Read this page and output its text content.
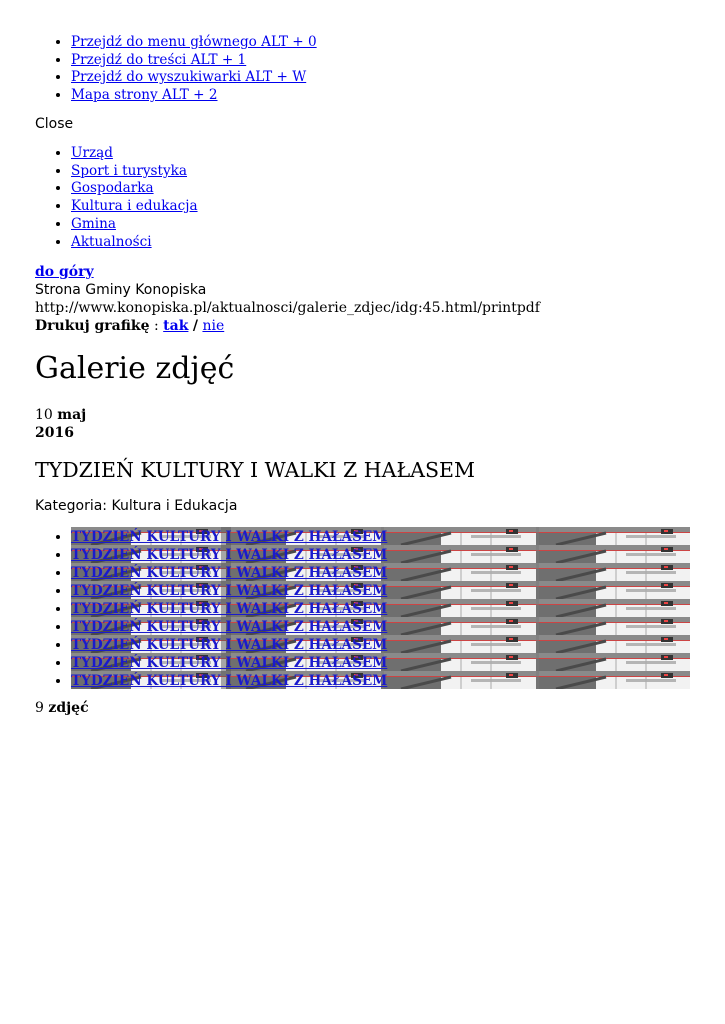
• Przejdź do menu głównego ALT + 0
• Przejdź do treści ALT + 1
• Przejdź do wyszukiwarki ALT + W
• Mapa strony ALT + 2
Close
• Urząd
• Sport i turystyka
• Gospodarka
• Kultura i edukacja
• Gmina
• Aktualności
do góry
Strona Gminy Konopiska
http://www.konopiska.pl/aktualnosci/galerie_zdjec/idg:45.html/printpdf
Drukuj grafikę : tak / nie
Galerie zdjęć
10 maj
2016
TYDZIEŃ KULTURY I WALKI Z HAŁASEM
Kategoria: Kultura i Edukacja
• TYDZIEŃ KULTURY I WALKI Z HAŁASEM
• TYDZIEŃ KULTURY I WALKI Z HAŁASEM
• TYDZIEŃ KULTURY I WALKI Z HAŁASEM
• TYDZIEŃ KULTURY I WALKI Z HAŁASEM
• TYDZIEŃ KULTURY I WALKI Z HAŁASEM
• TYDZIEŃ KULTURY I WALKI Z HAŁASEM
• TYDZIEŃ KULTURY I WALKI Z HAŁASEM
• TYDZIEŃ KULTURY I WALKI Z HAŁASEM
• TYDZIEŃ KULTURY I WALKI Z HAŁASEM
9 zdjęć
